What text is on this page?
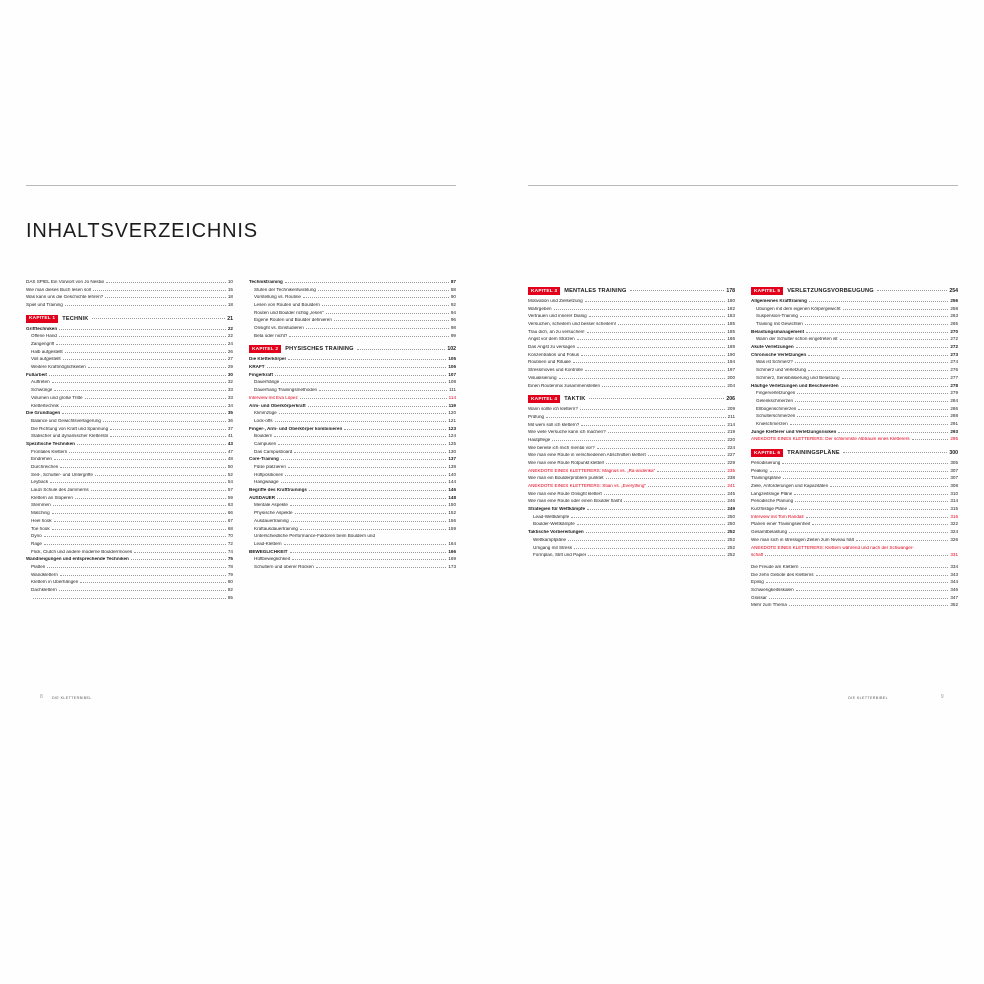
INHALTSVERZEICHNIS
DAS SPIEL Ein Vorwort von Jo Nesbø	10
Wie man dieses Buch lesen soll	15
Was kann uns die Geschichte lehren?	18
Spiel und Training	18
KAPITEL 1	TECHNIK	21
Grifftechniken	22
Offene Hand	22
Zangengriff	24
Halb aufgestellt	26
Voll aufgestellt	27
Weitere Kraftmöglichkeiten	29
Fußarbeit	30
Auftreten	32
Schwünge	33
Volumen und große Tritte	33
Klettertechnik	34
Die Grundlagen	35
Balance und Gewichtsverlagerung	36
Die Richtung von Kraft und Spannung	37
Statischer und dynamischer Kletterstil	41
Spezifische Techniken	43
Frontales Klettern	47
Eindrehen	48
Durchreichen	50
Seit-, Schulter- und Untergriffe	52
Leyback	54
Lauzi Schule des Jammerns	57
Klettern an Sloperen	59
Stemmen	63
Matching	66
Heel hook	67
Toe hook	68
Dyno	70
Rage	72
Flick, Clutch und andere moderne Boulderrmoves	74
Wandneigungen und entsprechende Techniken	75
Platten	78
Wandklettern	79
Klettern in Überhängen	80
Dachklettern	82
85
Techniktraining	87
Stufen der Technikentwicklung	88
Vorstellung vs. Routine	90
Lesen von Routen und Bouldern	92
Routen und Boulder richtig „lesen“	94
Eigene Routen und Boulder definieren	96
Onsight vs. Einstudieren	98
Beta oder nicht?	99
KAPITEL 2	PHYSISCHES TRAINING	102
Die Kletterkörper	105
KRAFT	106
Fingerkraft	107
Dauerhänge	108
Dauerhang Trainingsmethoden	111
Interview mit Eva López	114
Arm- und Oberkörperkraft	119
Klimmzüge	120
Lock-offs	121
Finger-, Arm- und Oberkörper kombinieren	123
Bouldern	124
Campusen	125
Das Campusboard	130
Core-Training	137
Füße platzieren	138
Hüftpositionen	140
Hangwaage	144
Begriffe des Krafttrainings	146
AUSDAUER	148
Mentale Aspekte	150
Physische Aspekte	152
Ausdauertraining	156
Kraftausdauertraining	159
Unterschiedliche Performance-Faktoren beim Bouldern und
Lead-Klettern	164
BEWEGLICHKEIT	166
Hüftbeweglichkeit	169
Schultern und oberer Rücken	173
8 DIE KLETTERBIBEL
KAPITEL 3	MENTALES TRAINING	178
Motivation und Zielsetzung	180
Wahrgeben	182
Vertrauen und innerer Dialog	183
Versuchen, scheitern und besser scheitern!	185
Trau dich, an zu versuchen!	185
Angst vor dem Stürzen	186
Das Angst zu versagen	189
Konzentration und Fokus	190
Routinen und Rituale	194
Stressmoves und Kontrolle	197
Visualisierung	200
Einen Routenmix zusammenstellen	204
KAPITEL 4	TAKTIK	206
Wann sollte ich klettern?	209
Prüfung	211
Mit wem soll ich klettern?	214
Wie viele Versuche kann ich machen?	219
Hautpflege	220
Wie bereite ich mich mental vor?	224
Wie man eine Route in verschiedenen Abschnitten klettert	227
Wie man eine Route Rotpunkt klettert	229
ANEKDOTE EINES KLETTERERS: Magnus vs. „Ra-anderika“	235
Wie man ein Boulderproblem punktet	238
ANEKDOTE EINES KLETTERERS: Stian vs. „Everything“	241
Wie man eine Route Onsight klettert	245
Wie man eine Route oder einen Boulder flasht	246
Strategien für Wettkämpfe	249
Lead-Wettkämpfe	250
Boulder-Wettkämpfe	250
Taktische Vorbereitungen	252
Wettkampfpläne	252
Umgang mit Stress	252
Formplan, Stift und Papier	252
KAPITEL 5	VERLETZUNGSVORBEUGUNG	254
Allgemeines Krafttraining	256
Übungen mit dem eigenen Körpergewicht	258
Suspension-Training	263
Training mit Gewichten	265
Belastungsmanagement	270
Wann der Schulter schon eingetreten ist	272
Akute Verletzungen	272
Chronische Verletzungen	273
Was ist Schmerz?	274
Schmerz und Verletzung	276
Schmerz, Sensibilisierung und Belastung	277
Häufige Verletzungen und Beschwerden	278
Fingerverletzungen	279
Gelenkschmerzen	284
Ellbogenschmerzen	286
Schulterschmerzen	288
Knieschmerzen	291
Junge Kletterer und Verletzungsrisiken	293
ANEKDOTE EINES KLETTERERS: Der schlimmste Albtraum eines Kletterers	295
KAPITEL 6	TRAININGSPLÄNE	300
Periodisierung	305
Peaking	307
Trainingspläne	307
Ziele, Anforderungen und Kapazitäten	308
Langzeitsnige Pläne	310
Periodische Planung	314
Kurzfristige Pläne	315
Interview mit Tom Randall	316
Planen einer Trainingseinheit	322
Gesamtbelastung	324
Wie man sich in stressigen Zeiten zum Niveau hält	326
ANEKDOTE EINES KLETTERERS: Klettern während und nach der Schwanger-
schaft	331
Die Freude am Klettern	334
Die zehn Gebote des Kletterns	343
Epilog	344
Schwierigkeitsskalen	346
Glossar	347
Mehr zum Thema	352
DIE KLETTERBIBEL	9
